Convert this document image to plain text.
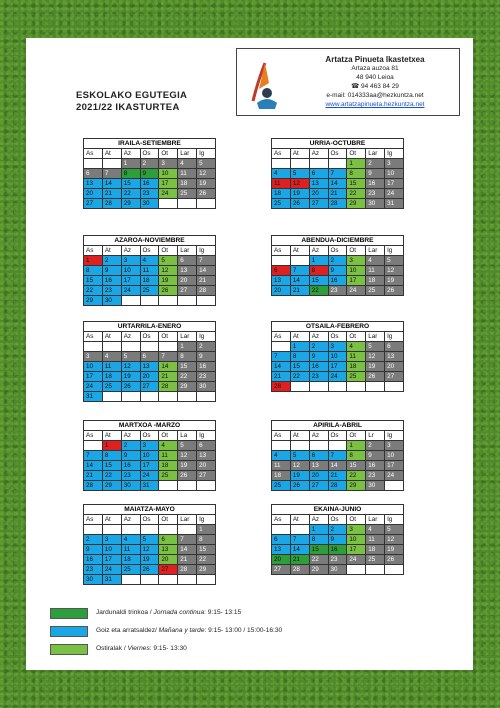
ESKOLAKO EGUTEGIA
2021/22 IKASTURTEA
Artatza Pinueta Ikastetxea
Artaza auzoa 81
48 940 Leioa
☎ 94 463 84 29
e-mail: 014333aa@hezkuntza.net
www.artatzapinueta.hezkuntza.net
IRAILA-SETIEMBRE
As	At	Az	Os	Ot	Lar	Ig
		1	2	3	4	5
6	7	8	9	10	11	12
13	14	15	16	17	18	19
20	21	22	23	24	25	26
27	28	29	30			
URRIA-OCTUBRE
As	At	Az	Os	Ot	Lar	Ig
				1	2	3
4	5	6	7	8	9	10
11	12	13	14	15	16	17
18	19	20	21	22	23	24
25	26	27	28	29	30	31
AZAROA-NOVIEMBRE
As	At	Az	Os	Ot	Lar	Ig
1	2	3	4	5	6	7
8	9	10	11	12	13	14
15	16	17	18	19	20	21
22	23	24	25	26	27	28
29	30					
ABENDUA-DICIEMBRE
As	At	Az	Os	Ot	Lar	Ig
		1	2	3	4	5
6	7	8	9	10	11	12
13	14	15	16	17	18	19
20	21	22	23	24	25	26
URTARRILA-ENERO
As	At	Az	Os	Ot	Lar	Ig
					1	2
3	4	5	6	7	8	9
10	11	12	13	14	15	16
17	18	19	20	21	22	23
24	25	26	27	28	29	30
31						
OTSAILA-FEBRERO
As	At	Az	Os	Ot	Lar	Ig
	1	2	3	4	5	6
7	8	9	10	11	12	13
14	15	16	17	18	19	20
21	22	23	24	25	26	27
28						
MARTXOA -MARZO
As	At	Az	Os	Ot	La	Ig
	1	2	3	4	5	6
7	8	9	10	11	12	13
14	15	16	17	18	19	20
21	22	23	24	25	26	27
28	29	30	31			
APIRILA-ABRIL
As	At	Az	Os	Ot	Lr	Ig
				1	2	3
4	5	6	7	8	9	10
11	12	13	14	15	16	17
18	19	20	21	22	23	24
25	26	27	28	29	30	
MAIATZA-MAYO
As	At	Az	Os	Ot	Lar	Ig
						1
2	3	4	5	6	7	8
9	10	11	12	13	14	15
16	17	18	19	20	21	22
23	24	25	26	27	28	29
30	31					
EKAINA-JUNIO
As	At	Az	Os	Ot	Lar	Ig
		1	2	3	4	5
6	7	8	9	10	11	12
13	14	15	16	17	18	19
20	21	22	23	24	25	26
27	28	29	30			
Jardunaldi trinkoa / Jornada continua: 9:15- 13:15
Goiz eta arratsaldez/ Mañana y tarde: 9:15- 13:00 / 15:00-16:30
Ostiralak / Viernes: 9:15- 13:30
